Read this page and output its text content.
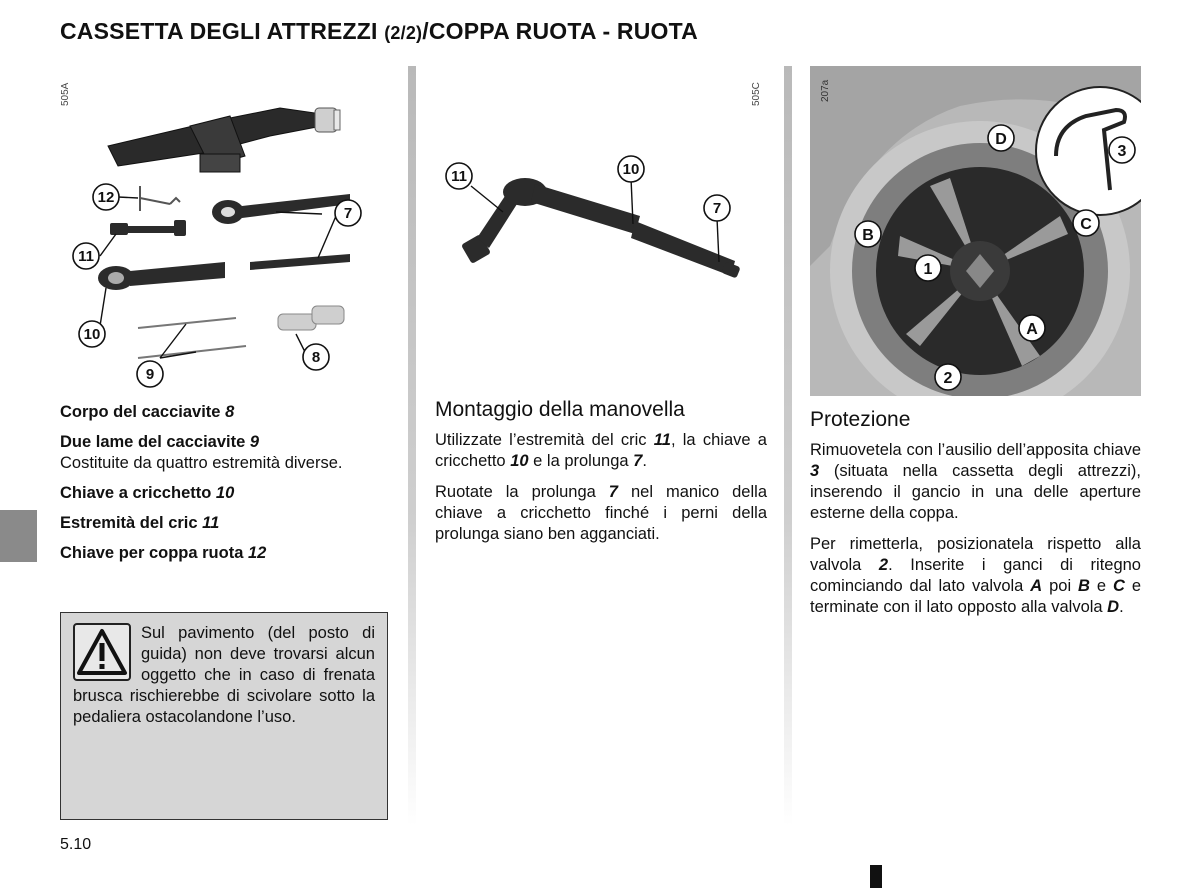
CASSETTA DEGLI ATTREZZI (2/2)/COPPA RUOTA - RUOTA
505A
12
11
7
10
9
8
Corpo del cacciavite 8
Due lame del cacciavite 9
Costituite da quattro estremità diverse.
Chiave a cricchetto 10
Estremità del cric 11
Chiave per coppa ruota 12
Sul pavimento (del posto di guida) non deve trovarsi alcun oggetto che in caso di frenata brusca rischierebbe di scivolare sotto la pedaliera ostacolandone l’uso.
505C
11	10
7
Montaggio della manovella

Utilizzate l’estremità del cric 11, la chiave a cricchetto 10 e la prolunga 7.

Ruotate la prolunga 7 nel manico della chiave a cricchetto finché i perni della prolunga siano ben agganciati.

D
3
C
B
1
A
2
207a
Protezione

Rimuovetela con l’ausilio dell’apposita chiave 3 (situata nella cassetta degli attrezzi), inserendo il gancio in una delle aperture esterne della coppa.

Per rimetterla, posizionatela rispetto alla valvola 2. Inserite i ganci di ritegno cominciando dal lato valvola A poi B e C e terminate con il lato opposto alla valvola D.

5.10
